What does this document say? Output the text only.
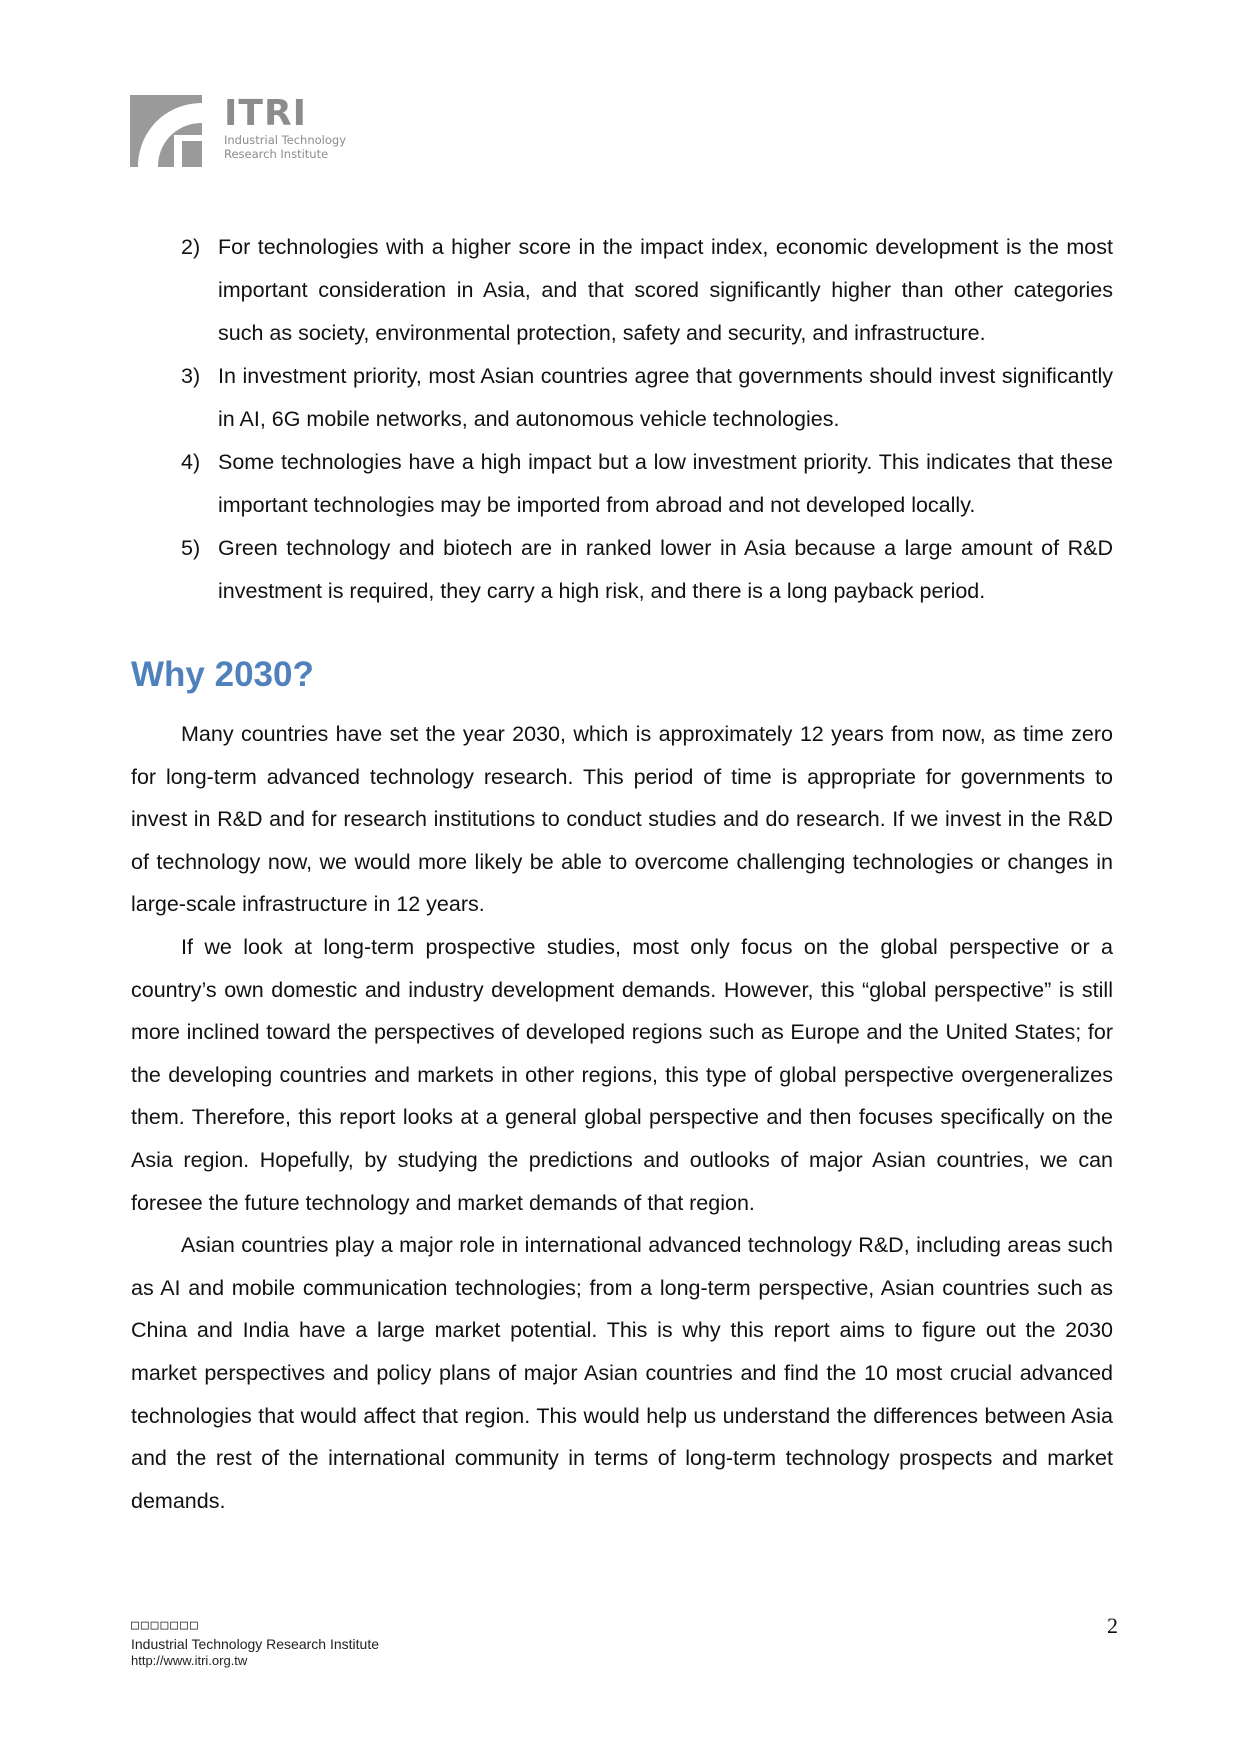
ITRI
Industrial Technology
Research Institute
2) For technologies with a higher score in the impact index, economic development is the most important consideration in Asia, and that scored significantly higher than other categories such as society, environmental protection, safety and security, and infrastructure.
3) In investment priority, most Asian countries agree that governments should invest significantly in AI, 6G mobile networks, and autonomous vehicle technologies.
4) Some technologies have a high impact but a low investment priority. This indicates that these important technologies may be imported from abroad and not developed locally.
5) Green technology and biotech are in ranked lower in Asia because a large amount of R&D investment is required, they carry a high risk, and there is a long payback period.
Why 2030?

Many countries have set the year 2030, which is approximately 12 years from now, as time zero for long-term advanced technology research. This period of time is appropriate for governments to invest in R&D and for research institutions to conduct studies and do research. If we invest in the R&D of technology now, we would more likely be able to overcome challenging technologies or changes in large-scale infrastructure in 12 years.

If we look at long-term prospective studies, most only focus on the global perspective or a country’s own domestic and industry development demands. However, this “global perspective” is still more inclined toward the perspectives of developed regions such as Europe and the United States; for the developing countries and markets in other regions, this type of global perspective overgeneralizes them. Therefore, this report looks at a general global perspective and then focuses specifically on the Asia region. Hopefully, by studying the predictions and outlooks of major Asian countries, we can foresee the future technology and market demands of that region.

Asian countries play a major role in international advanced technology R&D, including areas such as AI and mobile communication technologies; from a long-term perspective, Asian countries such as China and India have a large market potential. This is why this report aims to figure out the 2030 market perspectives and policy plans of major Asian countries and find the 10 most crucial advanced technologies that would affect that region. This would help us understand the differences between Asia and the rest of the international community in terms of long-term technology prospects and market demands.

□□□□□□□
Industrial Technology Research Institute
http://www.itri.org.tw
2
